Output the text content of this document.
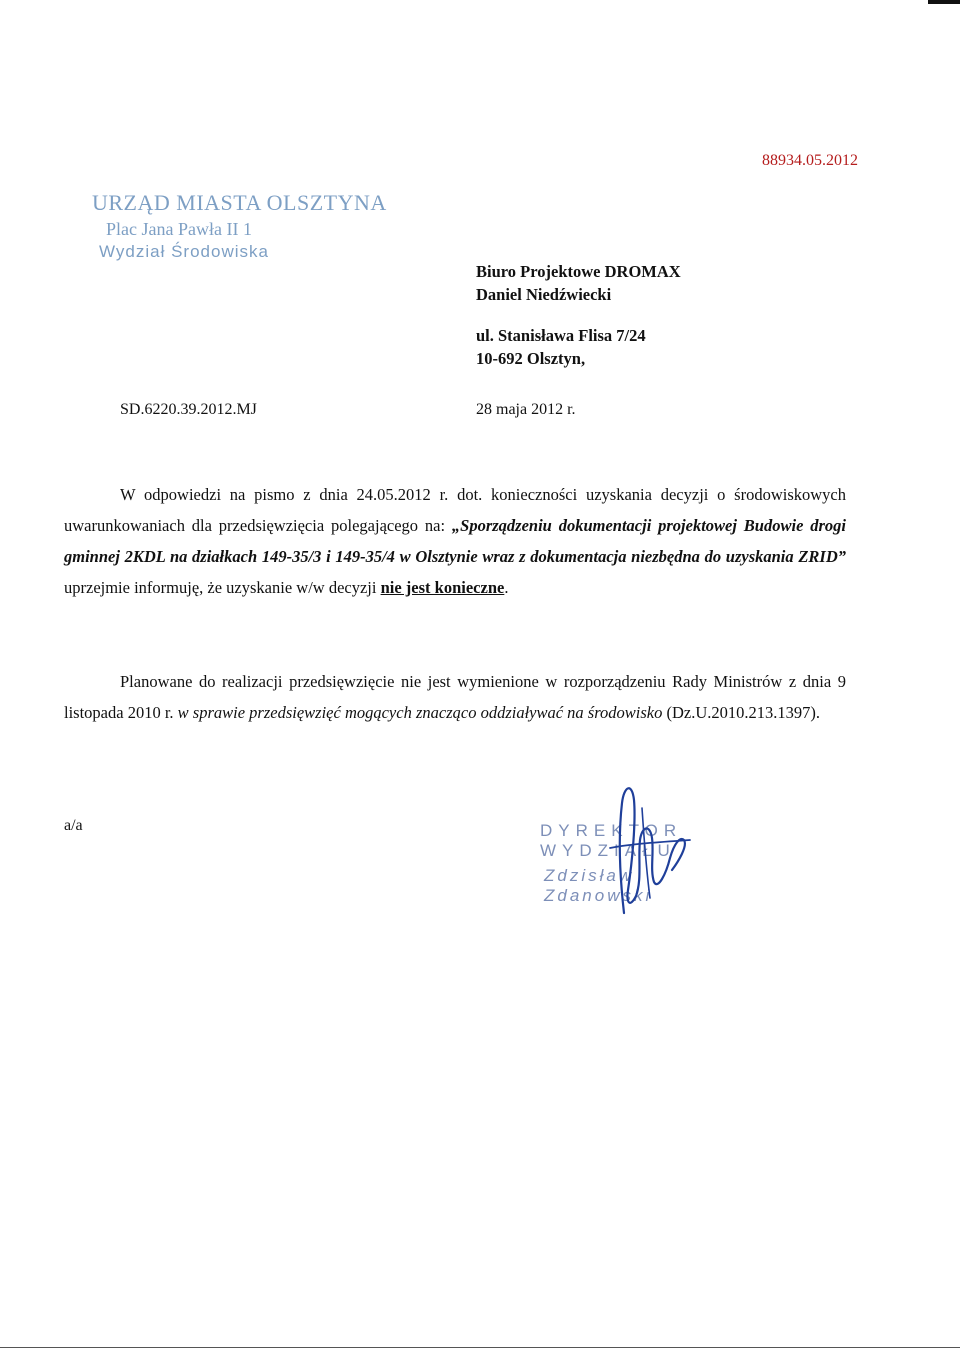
88934.05.2012
URZĄD MIASTA OLSZTYNA
Plac Jana Pawła II 1
Wydział Środowiska
Biuro Projektowe DROMAX
Daniel Niedźwiecki
ul. Stanisława Flisa 7/24
10-692 Olsztyn,
SD.6220.39.2012.MJ	28 maja 2012 r.
W odpowiedzi na pismo z dnia 24.05.2012 r. dot. konieczności uzyskania decyzji o środowiskowych uwarunkowaniach dla przedsięwzięcia polegającego na: „Sporządzeniu dokumentacji projektowej Budowie drogi gminnej 2KDL na działkach 149-35/3 i 149-35/4 w Olsztynie wraz z dokumentacja niezbędna do uzyskania ZRID” uprzejmie informuję, że uzyskanie w/w decyzji nie jest konieczne.
Planowane do realizacji przedsięwzięcie nie jest wymienione w rozporządzeniu Rady Ministrów z dnia 9 listopada 2010 r. w sprawie przedsięwzięć mogących znacząco oddziaływać na środowisko (Dz.U.2010.213.1397).
a/a	DYREKTOR WYDZIAŁU
Zdzisław Zdanowski
